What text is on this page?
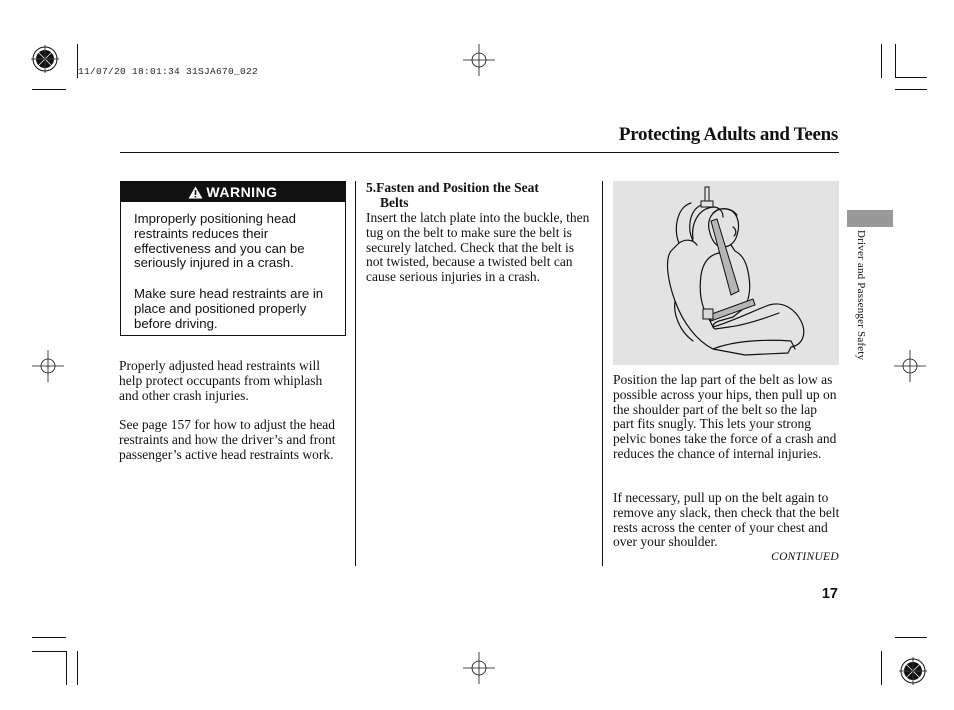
11/07/20 18:01:34 31SJA670_022
Protecting Adults and Teens
WARNING
Improperly positioning head restraints reduces their effectiveness and you can be seriously injured in a crash.
Make sure head restraints are in place and positioned properly before driving.
Properly adjusted head restraints will help protect occupants from whiplash and other crash injuries.
See page 157 for how to adjust the head restraints and how the driver’s and front passenger’s active head restraints work.
5.Fasten and Position the Seat
Belts
Insert the latch plate into the buckle, then tug on the belt to make sure the belt is securely latched. Check that the belt is not twisted, because a twisted belt can cause serious injuries in a crash.
Position the lap part of the belt as low as possible across your hips, then pull up on the shoulder part of the belt so the lap part fits snugly. This lets your strong pelvic bones take the force of a crash and reduces the chance of internal injuries.
If necessary, pull up on the belt again to remove any slack, then check that the belt rests across the center of your chest and over your shoulder.
CONTINUED
17
Driver and Passenger Safety
